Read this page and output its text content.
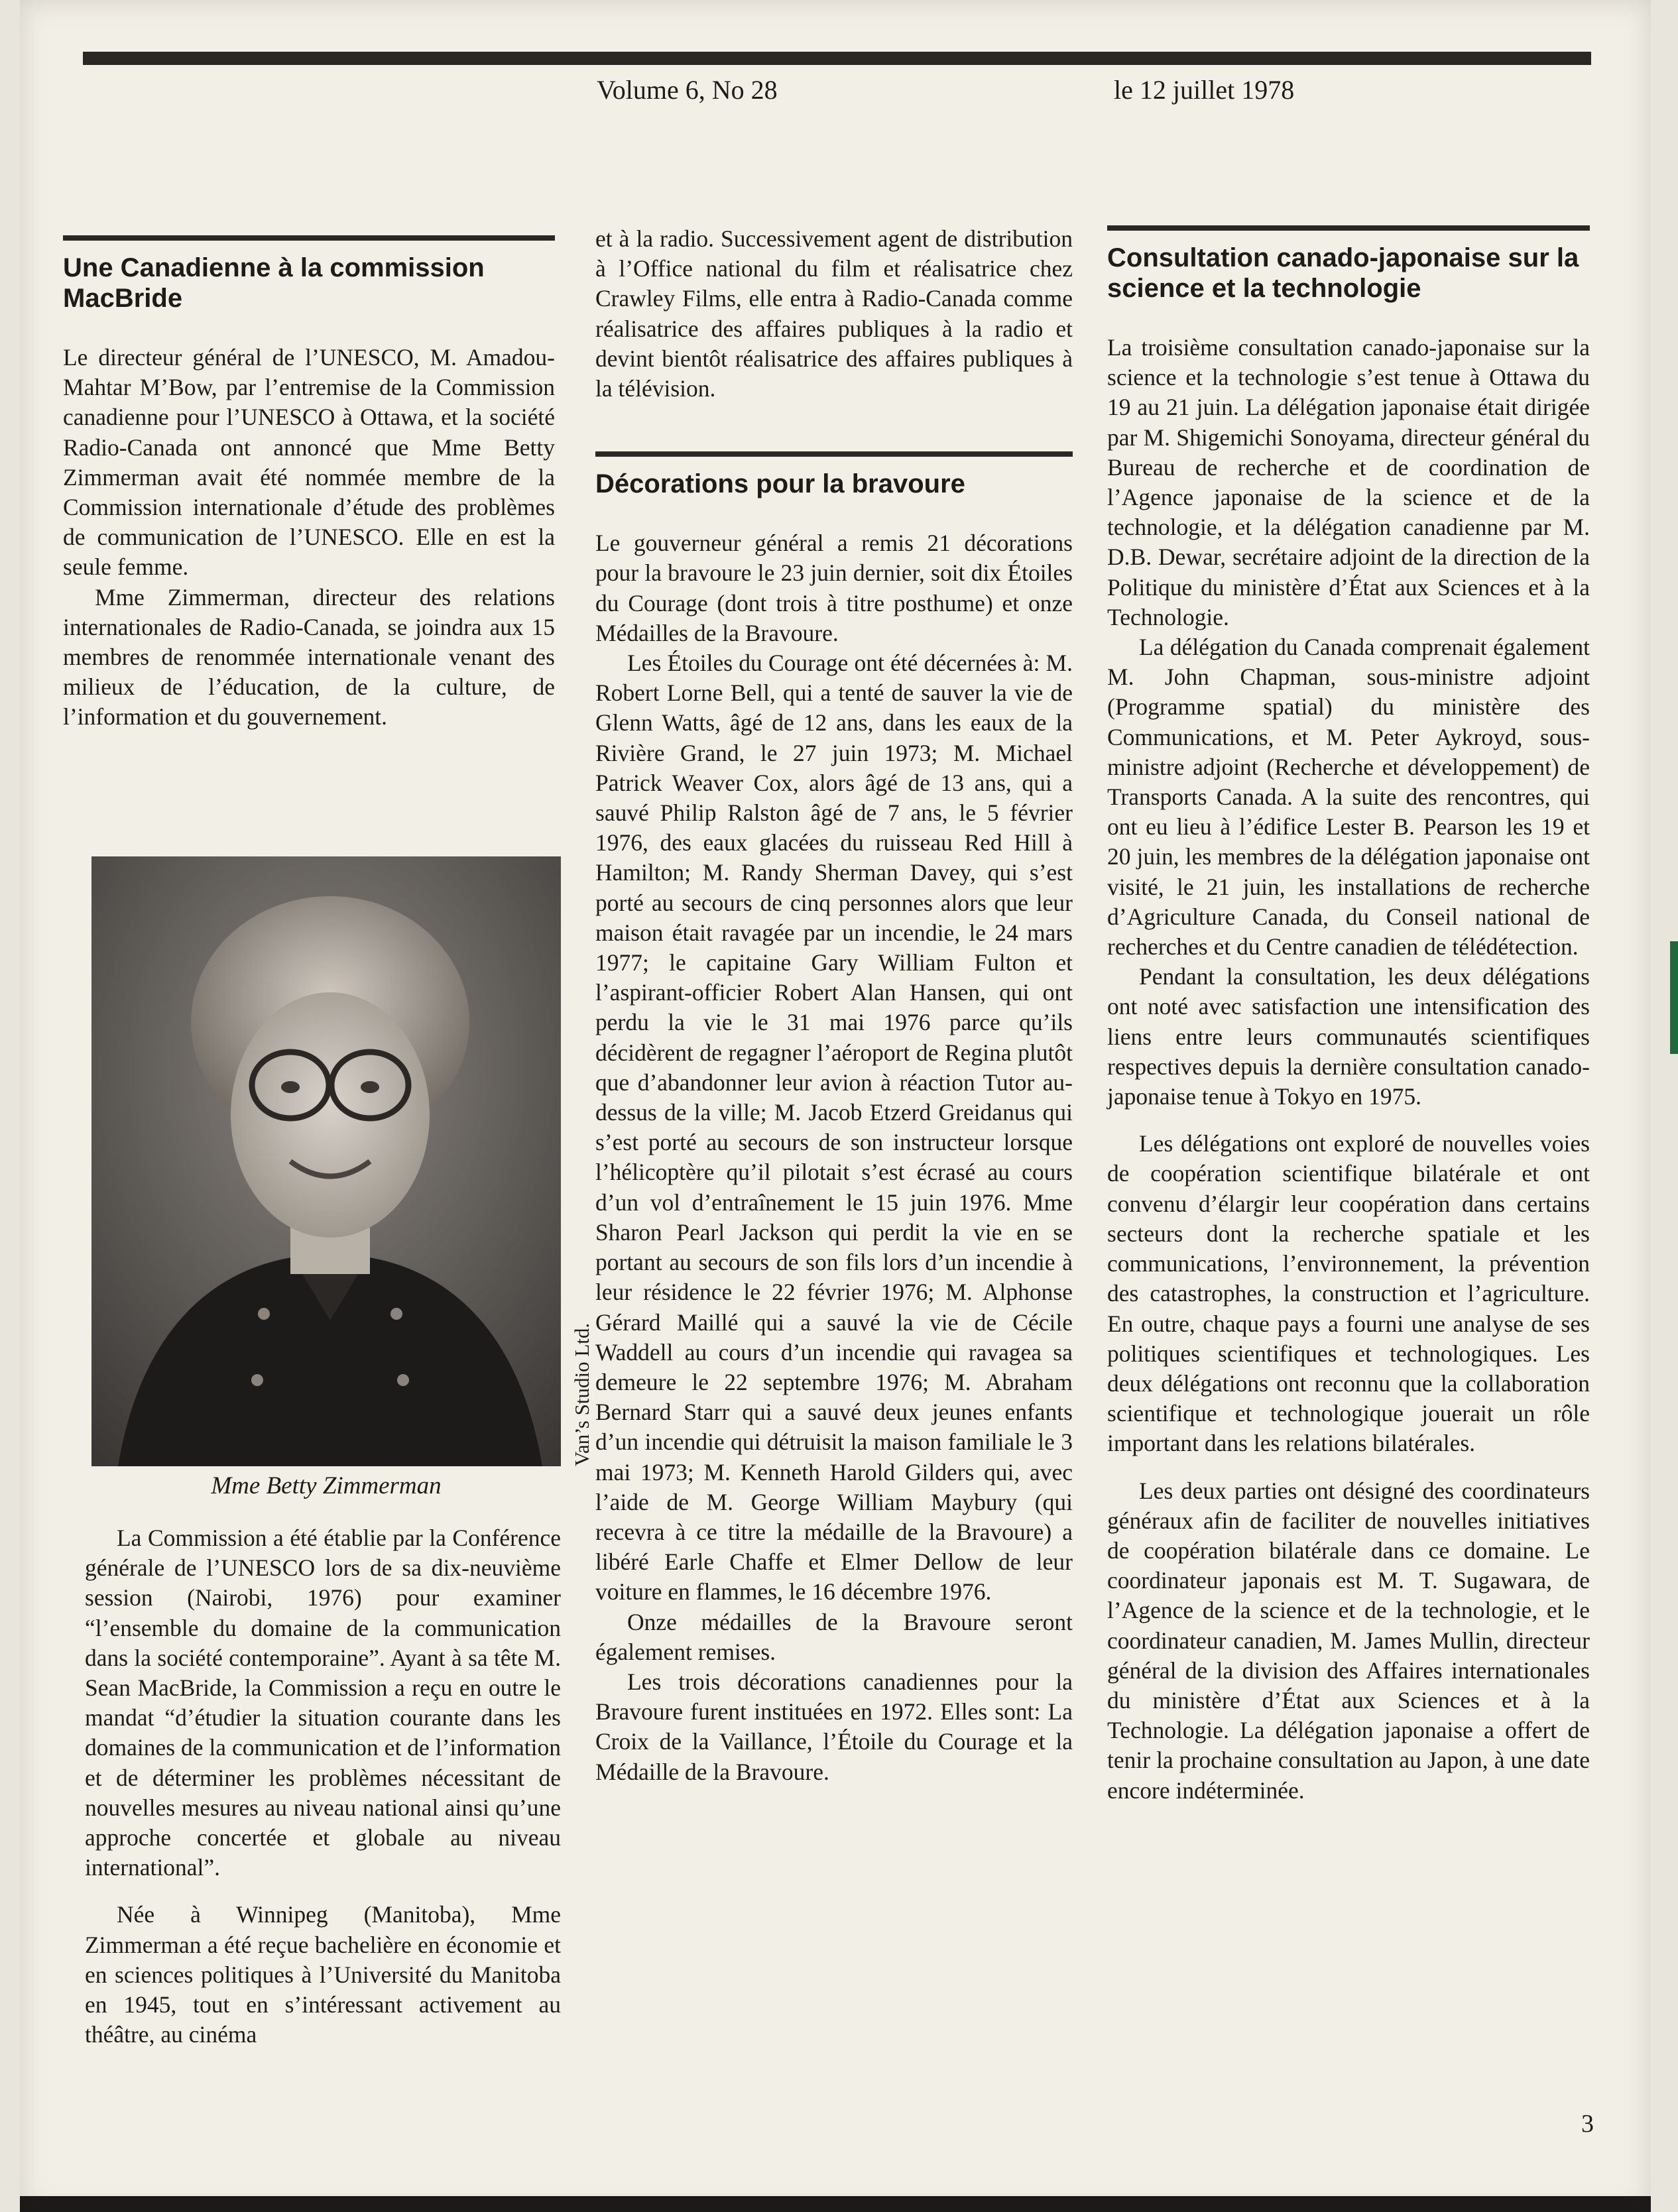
Volume 6, No 28	le 12 juillet 1978
Une Canadienne à la commission MacBride

Le directeur général de l’UNESCO, M. Amadou-Mahtar M’Bow, par l’entremise de la Commission canadienne pour l’UNESCO à Ottawa, et la société Radio-Canada ont annoncé que Mme Betty Zimmerman avait été nommée membre de la Commission internationale d’étude des problèmes de communication de l’UNESCO. Elle en est la seule femme.

Mme Zimmerman, directeur des relations internationales de Radio-Canada, se joindra aux 15 membres de renommée internationale venant des milieux de l’éducation, de la culture, de l’information et du gouvernement.

Mme Betty Zimmerman
Van’s Studio Ltd.

La Commission a été établie par la Conférence générale de l’UNESCO lors de sa dix-neuvième session (Nairobi, 1976) pour examiner “l’ensemble du domaine de la communication dans la société contemporaine”. Ayant à sa tête M. Sean MacBride, la Commission a reçu en outre le mandat “d’étudier la situation courante dans les domaines de la communication et de l’information et de déterminer les problèmes nécessitant de nouvelles mesures au niveau national ainsi qu’une approche concertée et globale au niveau international”.

Née à Winnipeg (Manitoba), Mme Zimmerman a été reçue bachelière en économie et en sciences politiques à l’Université du Manitoba en 1945, tout en s’intéressant activement au théâtre, au cinéma

et à la radio. Successivement agent de distribution à l’Office national du film et réalisatrice chez Crawley Films, elle entra à Radio-Canada comme réalisatrice des affaires publiques à la radio et devint bientôt réalisatrice des affaires publiques à la télévision.

Décorations pour la bravoure

Le gouverneur général a remis 21 décorations pour la bravoure le 23 juin dernier, soit dix Étoiles du Courage (dont trois à titre posthume) et onze Médailles de la Bravoure.

Les Étoiles du Courage ont été décernées à: M. Robert Lorne Bell, qui a tenté de sauver la vie de Glenn Watts, âgé de 12 ans, dans les eaux de la Rivière Grand, le 27 juin 1973; M. Michael Patrick Weaver Cox, alors âgé de 13 ans, qui a sauvé Philip Ralston âgé de 7 ans, le 5 février 1976, des eaux glacées du ruisseau Red Hill à Hamilton; M. Randy Sherman Davey, qui s’est porté au secours de cinq personnes alors que leur maison était ravagée par un incendie, le 24 mars 1977; le capitaine Gary William Fulton et l’aspirant-officier Robert Alan Hansen, qui ont perdu la vie le 31 mai 1976 parce qu’ils décidèrent de regagner l’aéroport de Regina plutôt que d’abandonner leur avion à réaction Tutor au-dessus de la ville; M. Jacob Etzerd Greidanus qui s’est porté au secours de son instructeur lorsque l’hélicoptère qu’il pilotait s’est écrasé au cours d’un vol d’entraînement le 15 juin 1976. Mme Sharon Pearl Jackson qui perdit la vie en se portant au secours de son fils lors d’un incendie à leur résidence le 22 février 1976; M. Alphonse Gérard Maillé qui a sauvé la vie de Cécile Waddell au cours d’un incendie qui ravagea sa demeure le 22 septembre 1976; M. Abraham Bernard Starr qui a sauvé deux jeunes enfants d’un incendie qui détruisit la maison familiale le 3 mai 1973; M. Kenneth Harold Gilders qui, avec l’aide de M. George William Maybury (qui recevra à ce titre la médaille de la Bravoure) a libéré Earle Chaffe et Elmer Dellow de leur voiture en flammes, le 16 décembre 1976.

Onze médailles de la Bravoure seront également remises.

Les trois décorations canadiennes pour la Bravoure furent instituées en 1972. Elles sont: La Croix de la Vaillance, l’Étoile du Courage et la Médaille de la Bravoure.

Consultation canado-japonaise sur la science et la technologie

La troisième consultation canado-japonaise sur la science et la technologie s’est tenue à Ottawa du 19 au 21 juin. La délégation japonaise était dirigée par M. Shigemichi Sonoyama, directeur général du Bureau de recherche et de coordination de l’Agence japonaise de la science et de la technologie, et la délégation canadienne par M. D.B. Dewar, secrétaire adjoint de la direction de la Politique du ministère d’État aux Sciences et à la Technologie.

La délégation du Canada comprenait également M. John Chapman, sous-ministre adjoint (Programme spatial) du ministère des Communications, et M. Peter Aykroyd, sous-ministre adjoint (Recherche et développement) de Transports Canada. A la suite des rencontres, qui ont eu lieu à l’édifice Lester B. Pearson les 19 et 20 juin, les membres de la délégation japonaise ont visité, le 21 juin, les installations de recherche d’Agriculture Canada, du Conseil national de recherches et du Centre canadien de télédétection.

Pendant la consultation, les deux délégations ont noté avec satisfaction une intensification des liens entre leurs communautés scientifiques respectives depuis la dernière consultation canado-japonaise tenue à Tokyo en 1975.

Les délégations ont exploré de nouvelles voies de coopération scientifique bilatérale et ont convenu d’élargir leur coopération dans certains secteurs dont la recherche spatiale et les communications, l’environnement, la prévention des catastrophes, la construction et l’agriculture. En outre, chaque pays a fourni une analyse de ses politiques scientifiques et technologiques. Les deux délégations ont reconnu que la collaboration scientifique et technologique jouerait un rôle important dans les relations bilatérales.

Les deux parties ont désigné des coordinateurs généraux afin de faciliter de nouvelles initiatives de coopération bilatérale dans ce domaine. Le coordinateur japonais est M. T. Sugawara, de l’Agence de la science et de la technologie, et le coordinateur canadien, M. James Mullin, directeur général de la division des Affaires internationales du ministère d’État aux Sciences et à la Technologie. La délégation japonaise a offert de tenir la prochaine consultation au Japon, à une date encore indéterminée.

3
